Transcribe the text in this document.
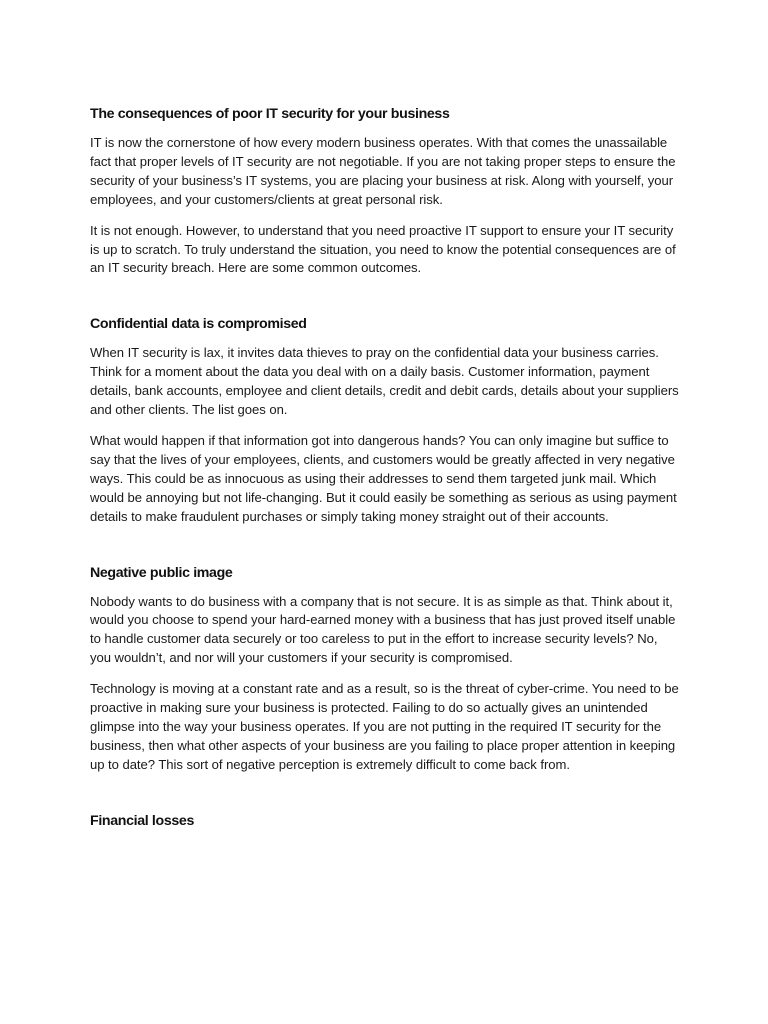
The consequences of poor IT security for your business

IT is now the cornerstone of how every modern business operates. With that comes the unassailable fact that proper levels of IT security are not negotiable. If you are not taking proper steps to ensure the security of your business’s IT systems, you are placing your business at risk. Along with yourself, your employees, and your customers/clients at great personal risk.

It is not enough. However, to understand that you need proactive IT support to ensure your IT security is up to scratch. To truly understand the situation, you need to know the potential consequences are of an IT security breach. Here are some common outcomes.

Confidential data is compromised

When IT security is lax, it invites data thieves to pray on the confidential data your business carries. Think for a moment about the data you deal with on a daily basis. Customer information, payment details, bank accounts, employee and client details, credit and debit cards, details about your suppliers and other clients. The list goes on.

What would happen if that information got into dangerous hands? You can only imagine but suffice to say that the lives of your employees, clients, and customers would be greatly affected in very negative ways. This could be as innocuous as using their addresses to send them targeted junk mail. Which would be annoying but not life-changing. But it could easily be something as serious as using payment details to make fraudulent purchases or simply taking money straight out of their accounts.

Negative public image

Nobody wants to do business with a company that is not secure. It is as simple as that. Think about it, would you choose to spend your hard-earned money with a business that has just proved itself unable to handle customer data securely or too careless to put in the effort to increase security levels? No, you wouldn’t, and nor will your customers if your security is compromised.

Technology is moving at a constant rate and as a result, so is the threat of cyber-crime. You need to be proactive in making sure your business is protected. Failing to do so actually gives an unintended glimpse into the way your business operates. If you are not putting in the required IT security for the business, then what other aspects of your business are you failing to place proper attention in keeping up to date? This sort of negative perception is extremely difficult to come back from.

Financial losses
